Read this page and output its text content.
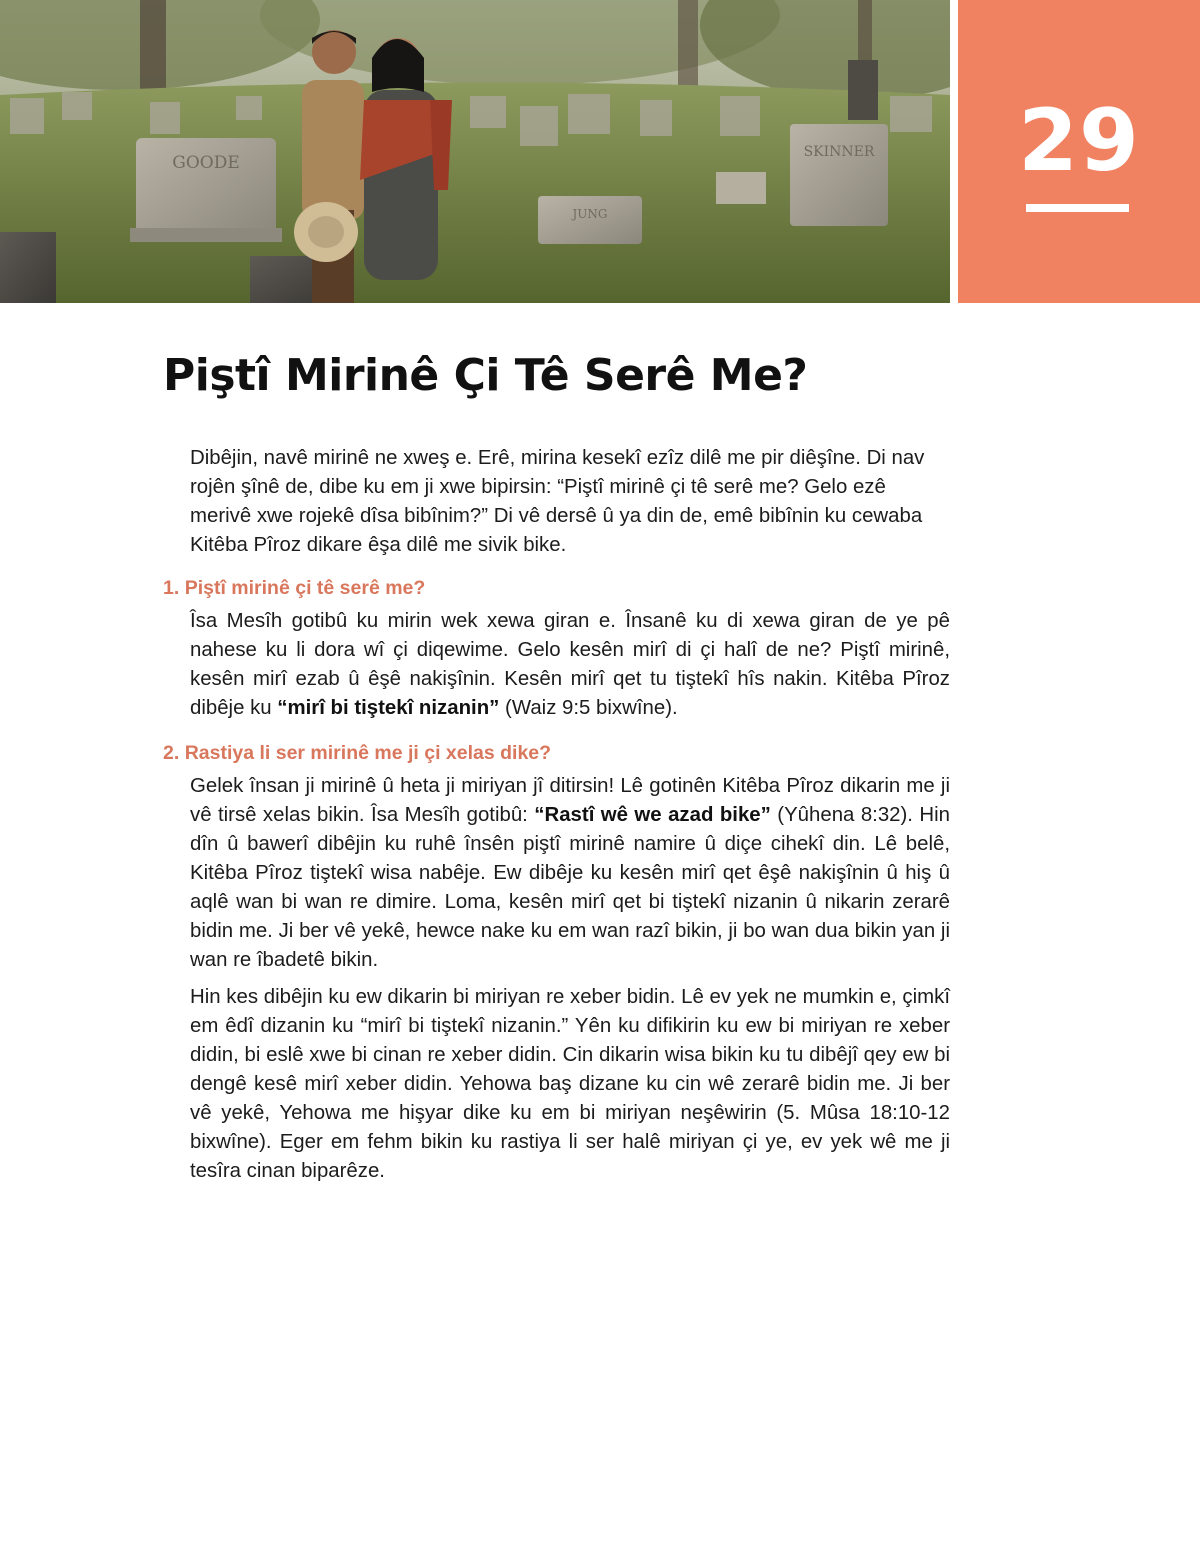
GOODE
JUNG
SKINNER	29
Piştî Mirinê Çi Tê Serê Me?

Dibêjin, navê mirinê ne xweş e. Erê, mirina kesekî ezîz dilê me pir diêşîne. Di nav rojên şînê de, dibe ku em ji xwe bipirsin: “Piştî mirinê çi tê serê me? Gelo ezê merivê xwe rojekê dîsa bibînim?” Di vê dersê û ya din de, emê bibînin ku cewaba Kitêba Pîroz dikare êşa dilê me sivik bike.

1. Piştî mirinê çi tê serê me?

Îsa Mesîh gotibû ku mirin wek xewa giran e. Însanê ku di xewa giran de ye pê nahese ku li dora wî çi diqewime. Gelo kesên mirî di çi halî de ne? Piştî mirinê, kesên mirî ezab û êşê nakişînin. Kesên mirî qet tu tiştekî hîs nakin. Kitêba Pîroz dibêje ku “mirî bi tiştekî nizanin” (Waiz 9:5 bixwîne).

2. Rastiya li ser mirinê me ji çi xelas dike?

Gelek însan ji mirinê û heta ji miriyan jî ditirsin! Lê gotinên Kitêba Pîroz dikarin me ji vê tirsê xelas bikin. Îsa Mesîh gotibû: “Rastî wê we azad bike” (Yûhena 8:32). Hin dîn û bawerî dibêjin ku ruhê însên piştî mirinê namire û diçe cihekî din. Lê belê, Kitêba Pîroz tiştekî wisa nabêje. Ew dibêje ku kesên mirî qet êşê nakişînin û hiş û aqlê wan bi wan re dimire. Loma, kesên mirî qet bi tiştekî nizanin û nikarin zerarê bidin me. Ji ber vê yekê, hewce nake ku em wan razî bikin, ji bo wan dua bikin yan ji wan re îbadetê bikin.

Hin kes dibêjin ku ew dikarin bi miriyan re xeber bidin. Lê ev yek ne mumkin e, çimkî em êdî dizanin ku “mirî bi tiştekî nizanin.” Yên ku difikirin ku ew bi miriyan re xeber didin, bi eslê xwe bi cinan re xeber didin. Cin dikarin wisa bikin ku tu dibêjî qey ew bi dengê kesê mirî xeber didin. Yehowa baş dizane ku cin wê zerarê bidin me. Ji ber vê yekê, Yehowa me hişyar dike ku em bi miriyan neşêwirin (5. Mûsa 18:10-12 bixwîne). Eger em fehm bikin ku rastiya li ser halê miriyan çi ye, ev yek wê me ji tesîra cinan biparêze.
